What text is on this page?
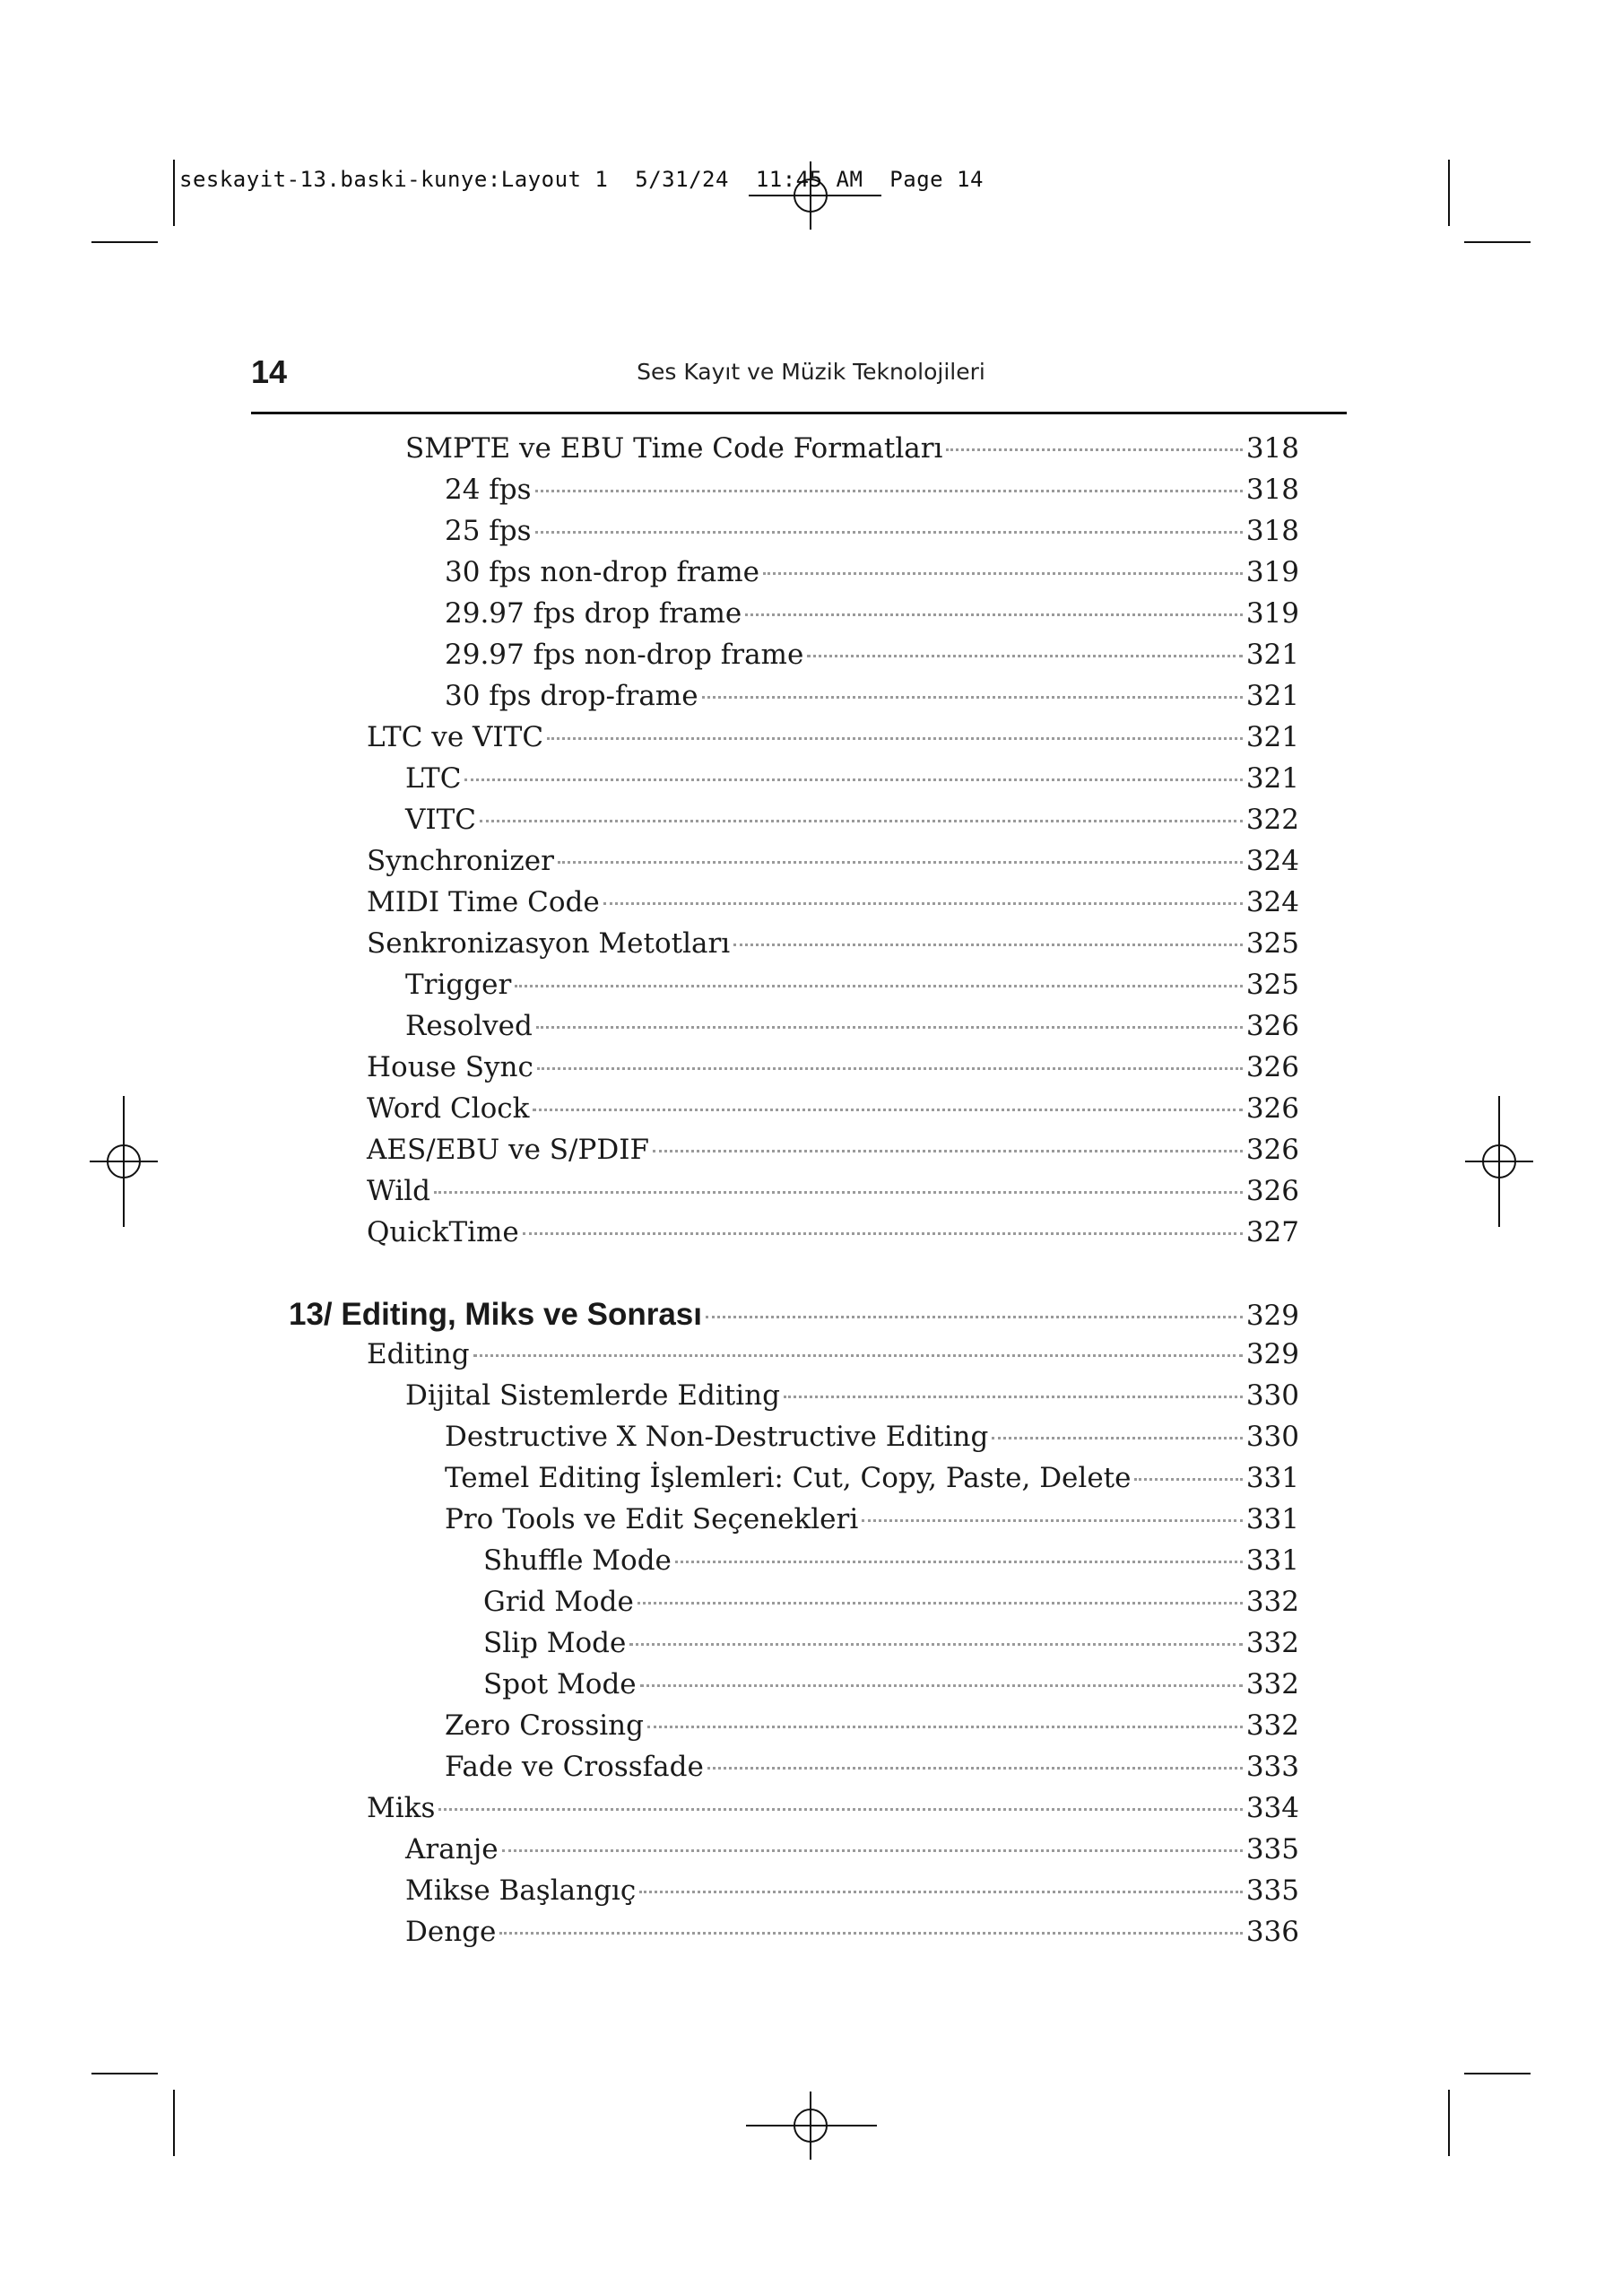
seskayit-13.baski-kunye:Layout 1  5/31/24  11:45 AM  Page 14
14	Ses Kayıt ve Müzik Teknolojileri
SMPTE ve EBU Time Code Formatları	318
24 fps	318
25 fps	318
30 fps non-drop frame	319
29.97 fps drop frame	319
29.97 fps non-drop frame	321
30 fps drop-frame	321
LTC ve VITC	321
LTC	321
VITC	322
Synchronizer	324
MIDI Time Code	324
Senkronizasyon Metotları	325
Trigger	325
Resolved	326
House Sync	326
Word Clock	326
AES/EBU ve S/PDIF	326
Wild	326
QuickTime	327
13/ Editing, Miks ve Sonrası	329
Editing	329
Dijital Sistemlerde Editing	330
Destructive X Non-Destructive Editing	330
Temel Editing İşlemleri: Cut, Copy, Paste, Delete	331
Pro Tools ve Edit Seçenekleri	331
Shuffle Mode	331
Grid Mode	332
Slip Mode	332
Spot Mode	332
Zero Crossing	332
Fade ve Crossfade	333
Miks	334
Aranje	335
Mikse Başlangıç	335
Denge	336
